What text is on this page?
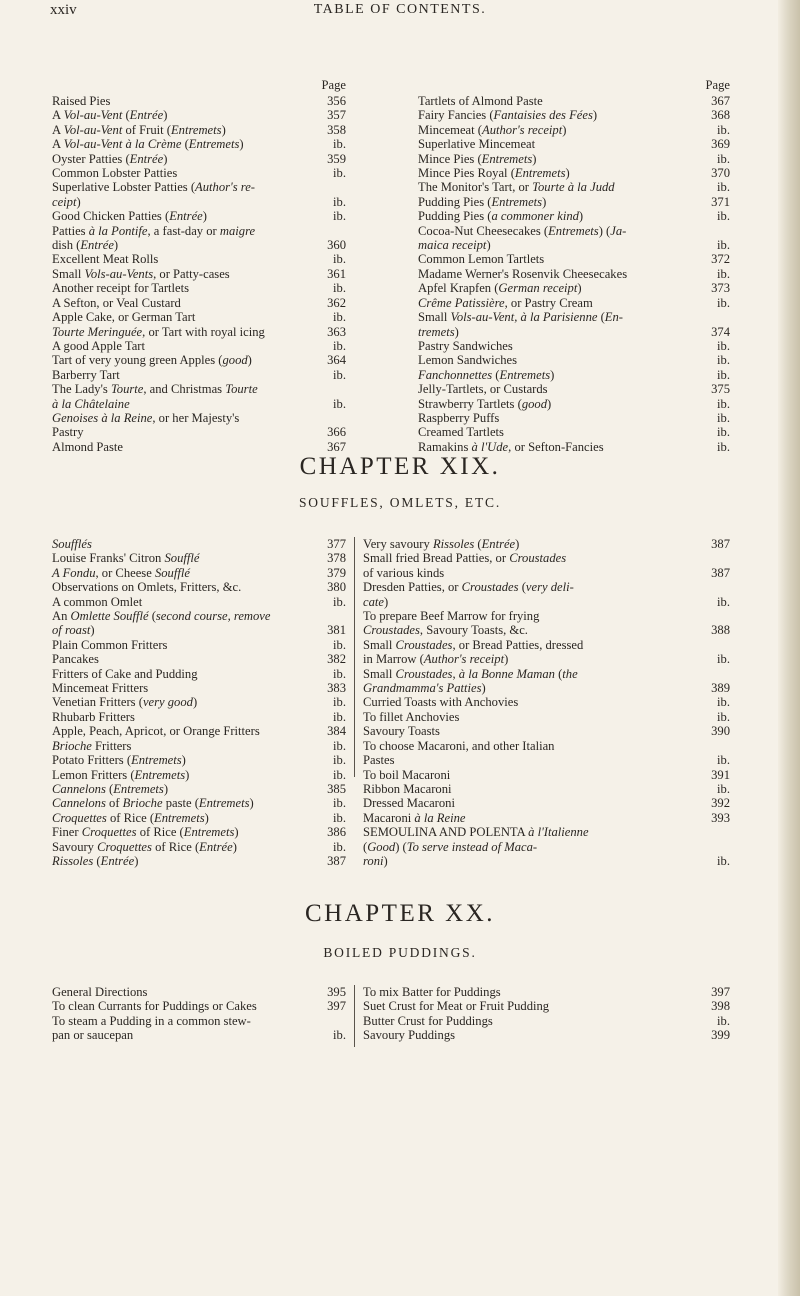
xxiv	TABLE OF CONTENTS.
Page
Raised Pies	356
A Vol-au-Vent (Entrée)	357
A Vol-au-Vent of Fruit (Entremets)	358
A Vol-au-Vent à la Crème (Entremets)	ib.
Oyster Patties (Entrée)	359
Common Lobster Patties	ib.
Superlative Lobster Patties (Author's re-
ceipt)	ib.
Good Chicken Patties (Entrée)	ib.
Patties à la Pontife, a fast-day or maigre
dish (Entrée)	360
Excellent Meat Rolls	ib.
Small Vols-au-Vents, or Patty-cases	361
Another receipt for Tartlets	ib.
A Sefton, or Veal Custard	362
Apple Cake, or German Tart	ib.
Tourte Meringuée, or Tart with royal icing	363
A good Apple Tart	ib.
Tart of very young green Apples (good)	364
Barberry Tart	ib.
The Lady's Tourte, and Christmas Tourte
à la Châtelaine	ib.
Genoises à la Reine, or her Majesty's
Pastry	366
Almond Paste	367
Page
Tartlets of Almond Paste	367
Fairy Fancies (Fantaisies des Fées)	368
Mincemeat (Author's receipt)	ib.
Superlative Mincemeat	369
Mince Pies (Entremets)	ib.
Mince Pies Royal (Entremets)	370
The Monitor's Tart, or Tourte à la Judd	ib.
Pudding Pies (Entremets)	371
Pudding Pies (a commoner kind)	ib.
Cocoa-Nut Cheesecakes (Entremets) (Ja-
maica receipt)	ib.
Common Lemon Tartlets	372
Madame Werner's Rosenvik Cheesecakes	ib.
Apfel Krapfen (German receipt)	373
Crême Patissière, or Pastry Cream	ib.
Small Vols-au-Vent, à la Parisienne (En-
tremets)	374
Pastry Sandwiches	ib.
Lemon Sandwiches	ib.
Fanchonnettes (Entremets)	ib.
Jelly-Tartlets, or Custards	375
Strawberry Tartlets (good)	ib.
Raspberry Puffs	ib.
Creamed Tartlets	ib.
Ramakins à l'Ude, or Sefton-Fancies	ib.
CHAPTER XIX.
SOUFFLES, OMLETS, ETC.
Soufflés	377
Louise Franks' Citron Soufflé	378
A Fondu, or Cheese Soufflé	379
Observations on Omlets, Fritters, &c.	380
A common Omlet	ib.
An Omlette Soufflé (second course, remove
of roast)	381
Plain Common Fritters	ib.
Pancakes	382
Fritters of Cake and Pudding	ib.
Mincemeat Fritters	383
Venetian Fritters (very good)	ib.
Rhubarb Fritters	ib.
Apple, Peach, Apricot, or Orange Fritters	384
Brioche Fritters	ib.
Potato Fritters (Entremets)	ib.
Lemon Fritters (Entremets)	ib.
Cannelons (Entremets)	385
Cannelons of Brioche paste (Entremets)	ib.
Croquettes of Rice (Entremets)	ib.
Finer Croquettes of Rice (Entremets)	386
Savoury Croquettes of Rice (Entrée)	ib.
Rissoles (Entrée)	387
Very savoury Rissoles (Entrée)	387
Small fried Bread Patties, or Croustades
of various kinds	387
Dresden Patties, or Croustades (very deli-
cate)	ib.
To prepare Beef Marrow for frying
Croustades, Savoury Toasts, &c.	388
Small Croustades, or Bread Patties, dressed
in Marrow (Author's receipt)	ib.
Small Croustades, à la Bonne Maman (the
Grandmamma's Patties)	389
Curried Toasts with Anchovies	ib.
To fillet Anchovies	ib.
Savoury Toasts	390
To choose Macaroni, and other Italian
Pastes	ib.
To boil Macaroni	391
Ribbon Macaroni	ib.
Dressed Macaroni	392
Macaroni à la Reine	393
SEMOULINA AND POLENTA à l'Italienne
(Good) (To serve instead of Maca-
roni)	ib.
CHAPTER XX.
BOILED PUDDINGS.
General Directions	395
To clean Currants for Puddings or Cakes	397
To steam a Pudding in a common stew-
pan or saucepan	ib.
To mix Batter for Puddings	397
Suet Crust for Meat or Fruit Pudding	398
Butter Crust for Puddings	ib.
Savoury Puddings	399
